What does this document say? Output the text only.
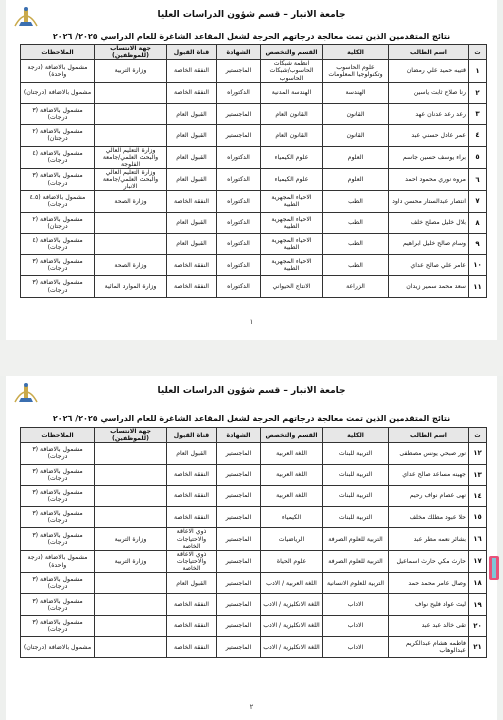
جامعة الانبار – قسم شؤون الدراسات العليا
نتائج المتقدمين الذين تمت معالجة درجاتهم الحرجة لشغل المقاعد الشاغرة للعام الدراسي ٢٠٢٥/ ٢٠٢٦
ت	اسم الطالب	الكلية	القسم والتخصص	الشهادة	قناة القبول	جهة الانتساب (للموظفين)	الملاحظات
١	قتيبه حميد علي رمضان	علوم الحاسوب وتكنولوجيا المعلومات	انظمة شبكات الحاسوب/شبكات الحاسوب	الماجستير	النفقة الخاصة	وزارة التربية	مشمول بالاضافة (درجة واحدة)
٢	رنا صلاح ثابت ياسين	الهندسة	الهندسة المدنية	الدكتوراه	النفقة الخاصة		مشمول بالاضافة (درجتان)
٣	رعد رعد عدنان عهد	القانون	القانون العام	الماجستير	القبول العام		مشمول بالاضافة (٣ درجات)
٤	عمر عادل حسني عبد	القانون	القانون العام	الماجستير	القبول العام		مشمول بالاضافة (٢ درجتان)
٥	براء يوسف حسين جاسم	العلوم	علوم الكيمياء	الدكتوراه	القبول العام	وزارة التعليم العالي والبحث العلمي/جامعة الفلوجة	مشمول بالاضافة (٤ درجات)
٦	مروه نوري محمود احمد	العلوم	علوم الكيمياء	الدكتوراه	القبول العام	وزارة التعليم العالي والبحث العلمي/جامعة الانبار	مشمول بالاضافة (٣ درجات)
٧	انتصار عبدالستار محسن داود	الطب	الاحياء المجهرية الطبية	الدكتوراه	النفقة الخاصة	وزارة الصحة	مشمول بالاضافة (٤.٥ درجات)
٨	بلال خليل مصلح خلف	الطب	الاحياء المجهرية الطبية	الدكتوراه	القبول العام		مشمول بالاضافة (٢ درجتان)
٩	وسام صالح خليل ابراهيم	الطب	الاحياء المجهرية الطبية	الدكتوراه	القبول العام		مشمول بالاضافة (٤ درجات)
١٠	عامر علي صالح عداي	الطب	الاحياء المجهرية الطبية	الدكتوراه	النفقة الخاصة	وزارة الصحة	مشمول بالاضافة (٣ درجات)
١١	سعد محمد سمير زيدان	الزراعة	الانتاج الحيواني	الدكتوراه	النفقة الخاصة	وزارة الموارد المائية	مشمول بالاضافة (٣ درجات)
١
جامعة الانبار – قسم شؤون الدراسات العليا
نتائج المتقدمين الذين تمت معالجة درجاتهم الحرجة لشغل المقاعد الشاغرة للعام الدراسي ٢٠٢٥/ ٢٠٢٦
ت	اسم الطالب	الكلية	القسم والتخصص	الشهادة	قناة القبول	جهة الانتساب (للموظفين)	الملاحظات
١٢	نور صبحي يونس مصطفى	التربية للبنات	اللغة العربية	الماجستير	القبول العام		مشمول بالاضافة (٣ درجات)
١٣	جهينه مساعد صالح عداي	التربية للبنات	اللغة العربية	الماجستير	النفقة الخاصة		مشمول بالاضافة (٣ درجات)
١٤	نهى عصام نواف رحيم	التربية للبنات	اللغة العربية	الماجستير	النفقة الخاصة		مشمول بالاضافة (٣ درجات)
١٥	حلا عبود مطلك مخلف	التربية للبنات	الكيمياء	الماجستير	النفقة الخاصة		مشمول بالاضافة (٣ درجات)
١٦	بشائر نعمه مطر عبد	التربية للعلوم الصرفة	الرياضيات	الماجستير	ذوي الاعاقة والاحتياجات الخاصة	وزارة التربية	مشمول بالاضافة (٣ درجات)
١٧	حارث مكي حارث اسماعيل	التربية للعلوم الصرفة	علوم الحياة	الماجستير	ذوي الاعاقة والاحتياجات الخاصة	وزارة التربية	مشمول بالاضافة (درجة واحدة)
١٨	وصال عامر محمد حمد	التربية للعلوم الانسانية	اللغة العربية / الادب	الماجستير	القبول العام		مشمول بالاضافة (٣ درجات)
١٩	ليث عواد فليح نواف	الاداب	اللغة الانكليزية / الادب	الماجستير	النفقة الخاصة		مشمول بالاضافة (٣ درجات)
٢٠	تقى خالد عبد عبد	الاداب	اللغة الانكليزية / الادب	الماجستير	النفقة الخاصة		مشمول بالاضافة (٣ درجات)
٢١	فاطمه هشام عبدالكريم عبدالوهاب	الاداب	اللغة الانكليزية / الادب	الماجستير	النفقة الخاصة		مشمول بالاضافة (درجتان)
٢
